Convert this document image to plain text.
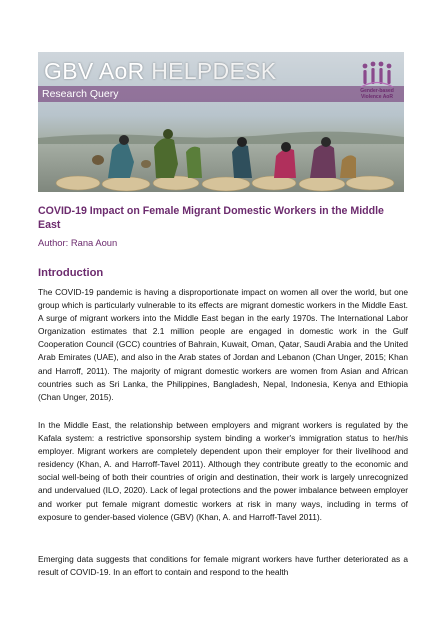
GBV AoR HELPDESK
Research Query	Gender-based
Violence AoR
COVID-19 Impact on Female Migrant Domestic Workers in the Middle East
Author: Rana Aoun
Introduction

The COVID-19 pandemic is having a disproportionate impact on women all over the world, but one group which is particularly vulnerable to its effects are migrant domestic workers in the Middle East. A surge of migrant workers into the Middle East began in the early 1970s. The International Labor Organization estimates that 2.1 million people are engaged in domestic work in the Gulf Cooperation Council (GCC) countries of Bahrain, Kuwait, Oman, Qatar, Saudi Arabia and the United Arab Emirates (UAE), and also in the Arab states of Jordan and Lebanon (Chan Unger, 2015; Khan and Harroff, 2011). The majority of migrant domestic workers are women from Asian and African countries such as Sri Lanka, the Philippines, Bangladesh, Nepal, Indonesia, Kenya and Ethiopia (Chan Unger, 2015).

In the Middle East, the relationship between employers and migrant workers is regulated by the Kafala system: a restrictive sponsorship system binding a worker's immigration status to her/his employer. Migrant workers are completely dependent upon their employer for their livelihood and residency (Khan, A. and Harroff-Tavel 2011). Although they contribute greatly to the economic and social well-being of both their countries of origin and destination, their work is largely unrecognized and undervalued (ILO, 2020). Lack of legal protections and the power imbalance between employer and worker put female migrant domestic workers at risk in many ways, including in terms of exposure to gender-based violence (GBV) (Khan, A. and Harroff-Tavel 2011).

Emerging data suggests that conditions for female migrant workers have further deteriorated as a result of COVID-19. In an effort to contain and respond to the health
